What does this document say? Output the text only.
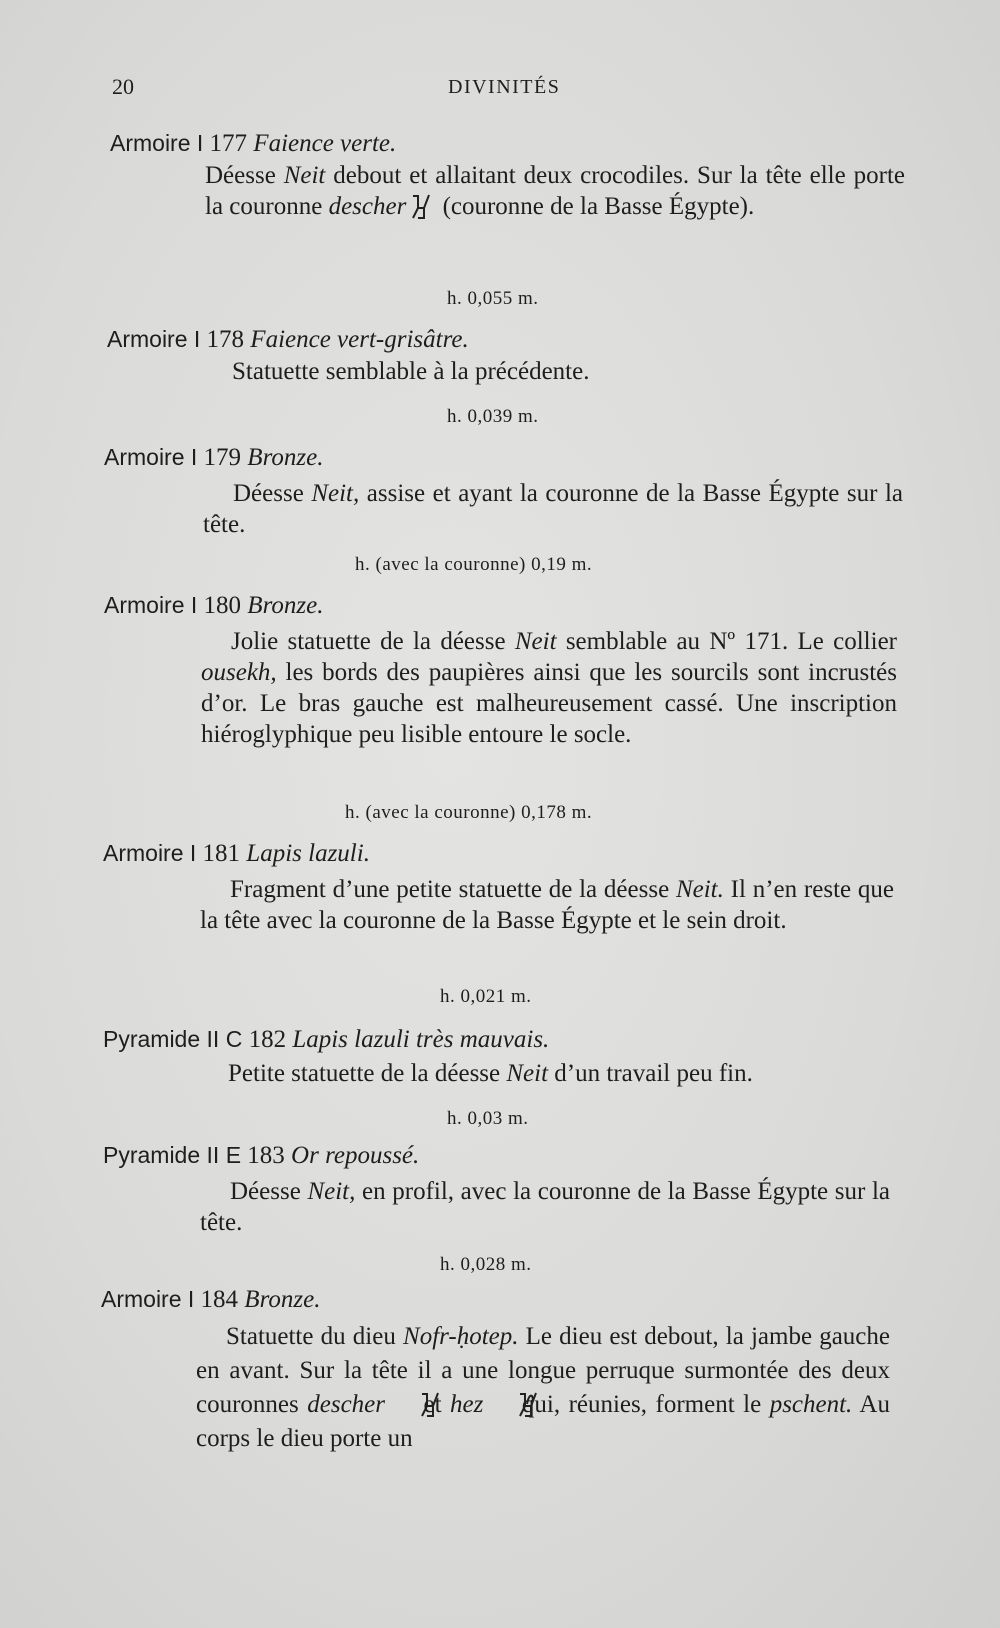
20	DIVINITÉS
Armoire I 177 Faience verte.
Déesse Neit debout et allaitant deux crocodiles. Sur la tête elle porte la couronne descher (couronne de la Basse Égypte).
h. 0,055 m.
Armoire I 178 Faience vert-grisâtre.
Statuette semblable à la précédente.
h. 0,039 m.
Armoire I 179 Bronze.
Déesse Neit, assise et ayant la couronne de la Basse Égypte sur la tête.
h. (avec la couronne) 0,19 m.
Armoire I 180 Bronze.
Jolie statuette de la déesse Neit semblable au Nº 171. Le collier ousekh, les bords des paupières ainsi que les sourcils sont incrustés d’or. Le bras gauche est malheureusement cassé. Une inscription hiéroglyphique peu lisible entoure le socle.
h. (avec la couronne) 0,178 m.
Armoire I 181 Lapis lazuli.
Fragment d’une petite statuette de la déesse Neit. Il n’en reste que la tête avec la couronne de la Basse Égypte et le sein droit.
h. 0,021 m.
Pyramide II C 182 Lapis lazuli très mauvais.
Petite statuette de la déesse Neit d’un travail peu fin.
h. 0,03 m.
Pyramide II E 183 Or repoussé.
Déesse Neit, en profil, avec la couronne de la Basse Égypte sur la tête.
h. 0,028 m.
Armoire I 184 Bronze.
Statuette du dieu Nofr-ḥotep. Le dieu est debout, la jambe gauche en avant. Sur la tête il a une longue perruque surmontée des deux couronnes descher et hez qui, réunies, forment le pschent. Au corps le dieu porte un
